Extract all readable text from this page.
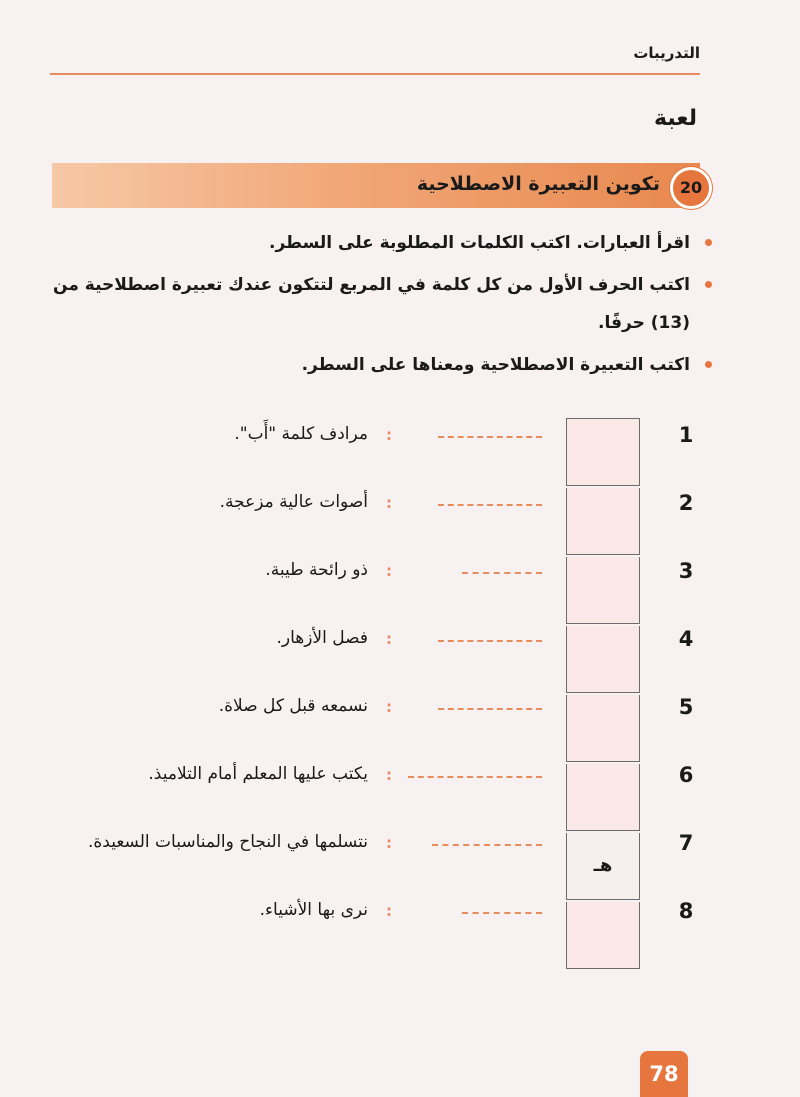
التدريبات
لعبة
20
تكوين التعبيرة الاصطلاحية
اقرأ العبارات. اكتب الكلمات المطلوبة على السطر.
اكتب الحرف الأول من كل كلمة في المربع لتتكون عندك تعبيرة اصطلاحية من (13) حرفًا.
اكتب التعبيرة الاصطلاحية ومعناها على السطر.
هـ
1
2
3
4
5
6
7
8
:
:
:
:
:
:
:
:
مرادف كلمة "أَب".
أصوات عالية مزعجة.
ذو رائحة طيبة.
فصل الأزهار.
نسمعه قبل كل صلاة.
يكتب عليها المعلم أمام التلاميذ.
نتسلمها في النجاح والمناسبات السعيدة.
نرى بها الأشياء.
78
